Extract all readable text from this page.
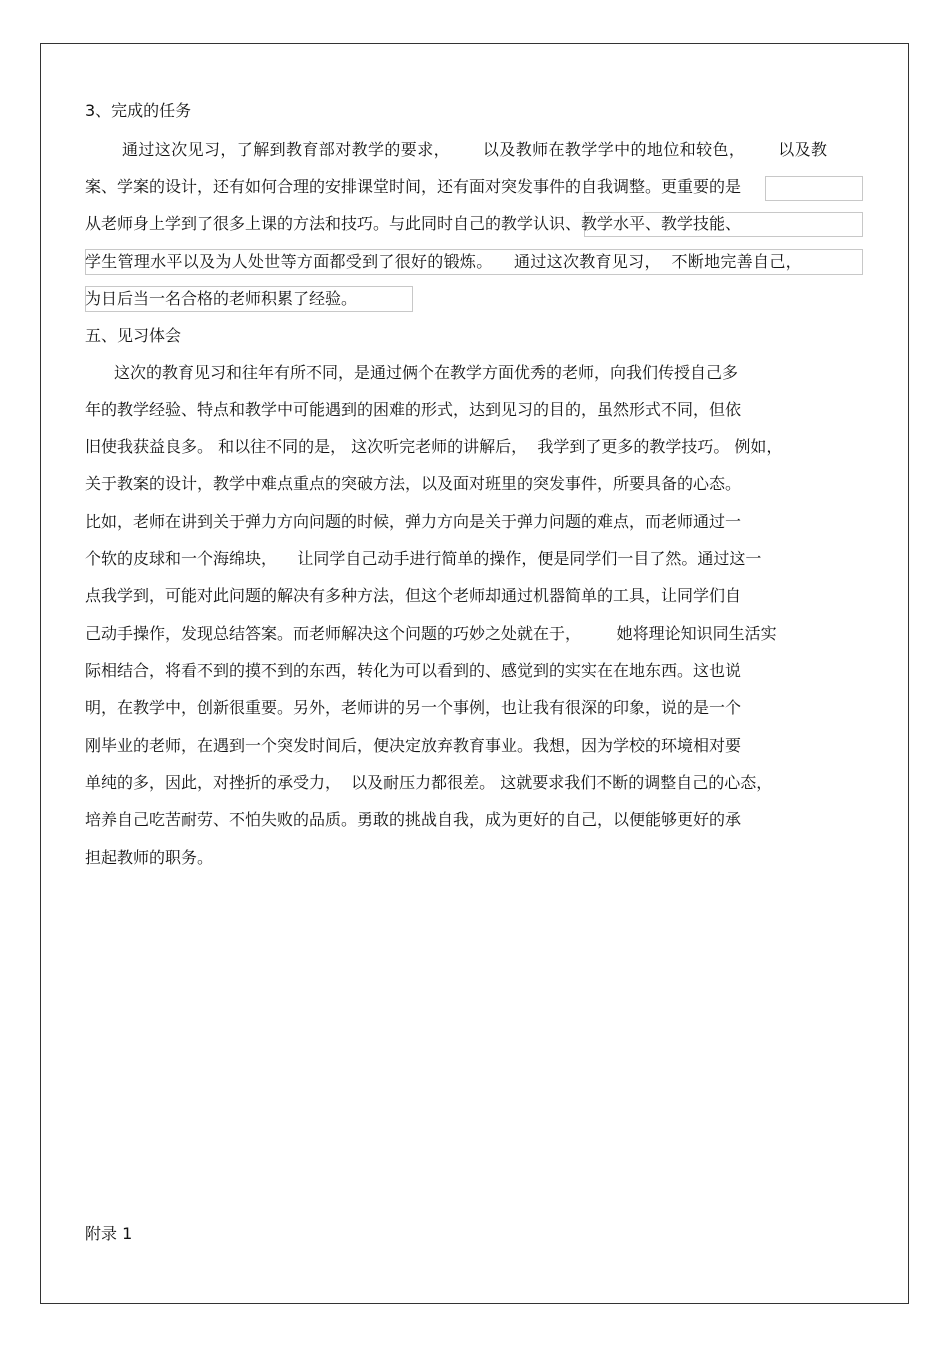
3、完成的任务
通过这次见习，了解到教育部对教学的要求，      以及教师在教学学中的地位和较色，      以及教
案、学案的设计，还有如何合理的安排课堂时间，还有面对突发事件的自我调整。更重要的是
从老师身上学到了很多上课的方法和技巧。与此同时自己的教学认识、教学水平、教学技能、
学生管理水平以及为人处世等方面都受到了很好的锻炼。    通过这次教育见习，  不断地完善自己，
为日后当一名合格的老师积累了经验。
五、见习体会
这次的教育见习和往年有所不同，是通过俩个在教学方面优秀的老师，向我们传授自己多
年的教学经验、特点和教学中可能遇到的困难的形式，达到见习的目的，虽然形式不同，但依
旧使我获益良多。 和以往不同的是， 这次听完老师的讲解后，  我学到了更多的教学技巧。 例如，
关于教案的设计，教学中难点重点的突破方法，以及面对班里的突发事件，所要具备的心态。
比如，老师在讲到关于弹力方向问题的时候，弹力方向是关于弹力问题的难点，而老师通过一
个软的皮球和一个海绵块，    让同学自己动手进行简单的操作，便是同学们一目了然。通过这一
点我学到，可能对此问题的解决有多种方法，但这个老师却通过机器简单的工具，让同学们自
己动手操作，发现总结答案。而老师解决这个问题的巧妙之处就在于，       她将理论知识同生活实
际相结合，将看不到的摸不到的东西，转化为可以看到的、感觉到的实实在在地东西。这也说
明，在教学中，创新很重要。另外，老师讲的另一个事例，也让我有很深的印象，说的是一个
刚毕业的老师，在遇到一个突发时间后，便决定放弃教育事业。我想，因为学校的环境相对要
单纯的多，因此，对挫折的承受力，  以及耐压力都很差。 这就要求我们不断的调整自己的心态，
培养自己吃苦耐劳、不怕失败的品质。勇敢的挑战自我，成为更好的自己，以便能够更好的承
担起教师的职务。
附录 1
